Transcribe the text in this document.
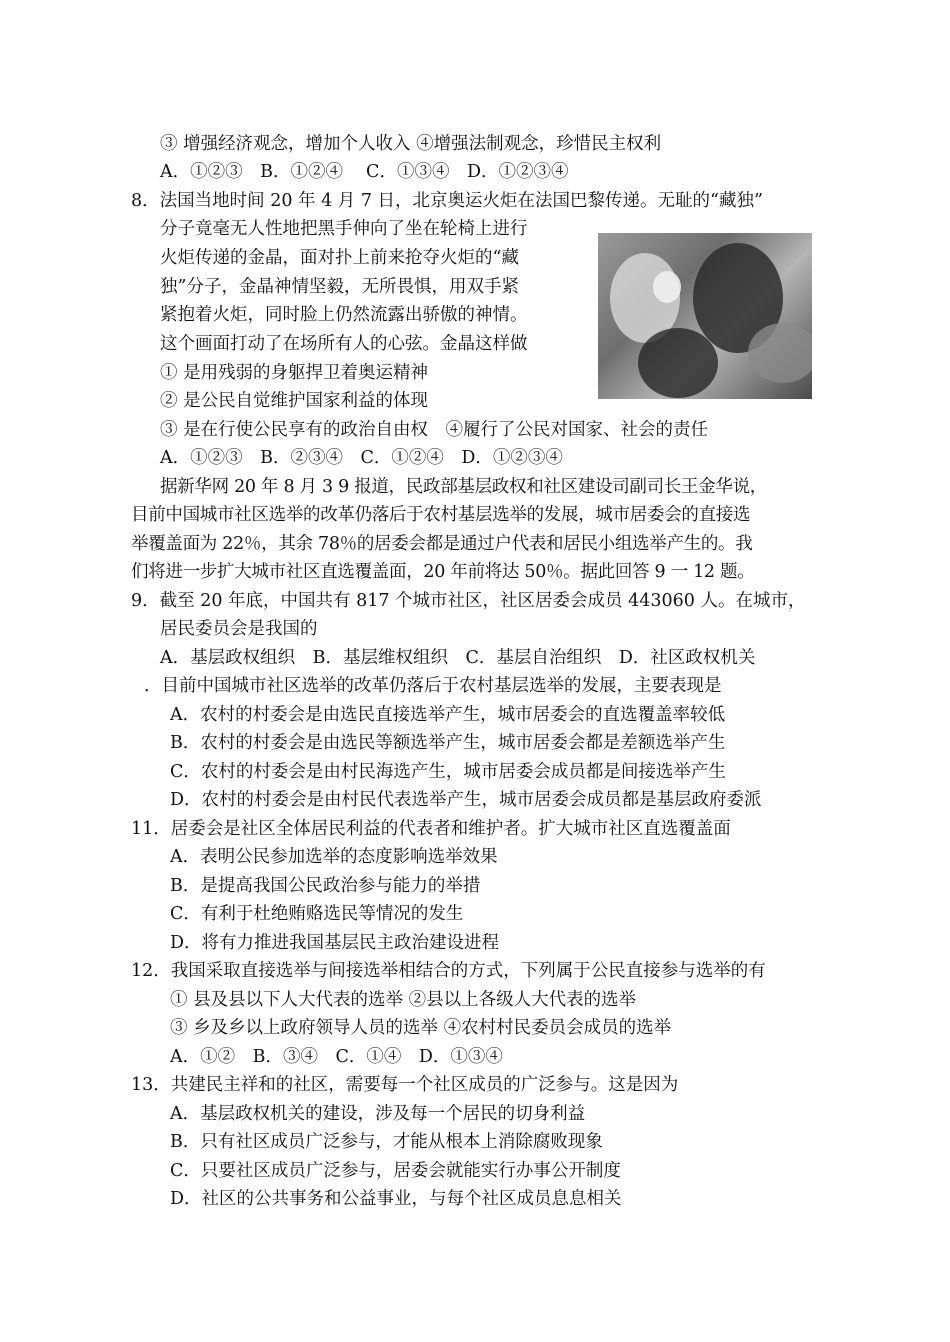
③ 增强经济观念，增加个人收入 ④增强法制观念，珍惜民主权利
A．①②③　B．①②④　 C．①③④　D．①②③④
8．法国当地时间 20 年 4 月 7 日，北京奥运火炬在法国巴黎传递。无耻的“藏独”
分子竟毫无人性地把黑手伸向了坐在轮椅上进行
火炬传递的金晶，面对扑上前来抢夺火炬的“藏
独”分子，金晶神情坚毅，无所畏惧，用双手紧
紧抱着火炬，同时脸上仍然流露出骄傲的神情。
这个画面打动了在场所有人的心弦。金晶这样做
① 是用残弱的身躯捍卫着奥运精神
② 是公民自觉维护国家利益的体现
③ 是在行使公民享有的政治自由权　④履行了公民对国家、社会的责任
A．①②③　B．②③④　C．①②④　D．①②③④
据新华网 20 年 8 月 3 9 报道，民政部基层政权和社区建设司副司长王金华说，
目前中国城市社区选举的改革仍落后于农村基层选举的发展，城市居委会的直接选
举覆盖面为 22％，其余 78％的居委会都是通过户代表和居民小组选举产生的。我
们将进一步扩大城市社区直选覆盖面，20 年前将达 50％。据此回答 9 一 12 题。
9．截至 20 年底，中国共有 817 个城市社区，社区居委会成员 443060 人。在城市，
居民委员会是我国的
A．基层政权组织　B．基层维权组织　C．基层自治组织　D．社区政权机关
．目前中国城市社区选举的改革仍落后于农村基层选举的发展，主要表现是
A．农村的村委会是由选民直接选举产生，城市居委会的直选覆盖率较低
B．农村的村委会是由选民等额选举产生，城市居委会都是差额选举产生
C．农村的村委会是由村民海选产生，城市居委会成员都是间接选举产生
D．农村的村委会是由村民代表选举产生，城市居委会成员都是基层政府委派
11．居委会是社区全体居民利益的代表者和维护者。扩大城市社区直选覆盖面
A．表明公民参加选举的态度影响选举效果
B．是提高我国公民政治参与能力的举措
C．有利于杜绝贿赂选民等情况的发生
D．将有力推进我国基层民主政治建设进程
12．我国采取直接选举与间接选举相结合的方式，下列属于公民直接参与选举的有
① 县及县以下人大代表的选举 ②县以上各级人大代表的选举
③ 乡及乡以上政府领导人员的选举 ④农村村民委员会成员的选举
A．①②　B．③④　C．①④　D．①③④
13．共建民主祥和的社区，需要每一个社区成员的广泛参与。这是因为
A．基层政权机关的建设，涉及每一个居民的切身利益
B．只有社区成员广泛参与，才能从根本上消除腐败现象
C．只要社区成员广泛参与，居委会就能实行办事公开制度
D．社区的公共事务和公益事业，与每个社区成员息息相关
